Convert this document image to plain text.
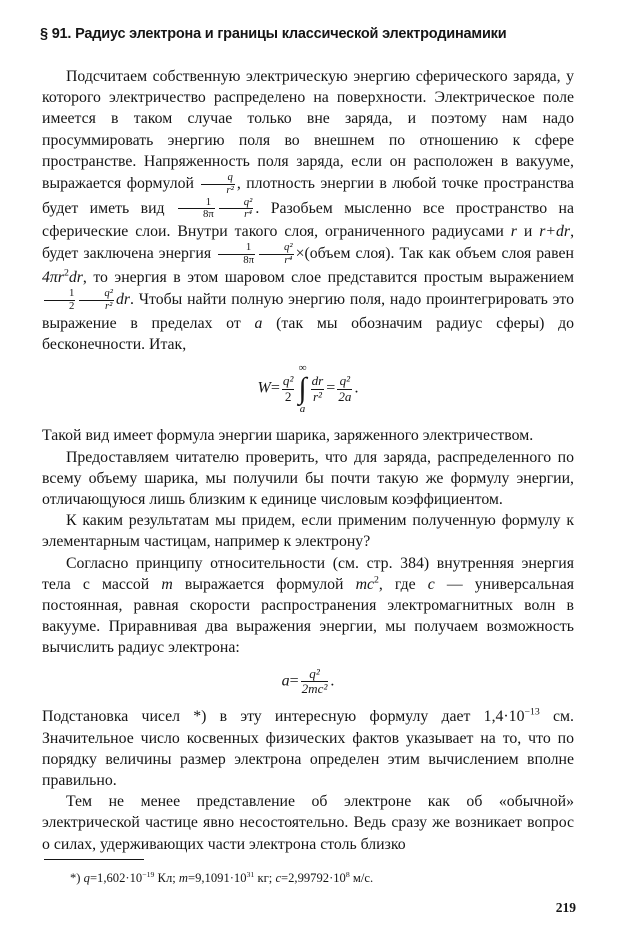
§ 91. Радиус электрона и границы классической электродинамики

Подсчитаем собственную электрическую энергию сферического заряда, у которого электричество распределено на поверхности. Электрическое поле имеется в таком случае только вне заряда, и поэтому нам надо просуммировать энергию поля во внешнем по отношению к сфере пространстве. Напряженность поля заряда, если он расположен в вакууме, выражается формулой $\frac{q}{\text{r²}}$ , плотность энергии в любой точке пространства будет иметь вид $\frac{1}{8\pi} \frac{\text{q²}}{\text{r⁴}}$ . Разобьем мысленно все пространство на сферические слои. Внутри такого слоя, ограниченного радиусами r и r+dr, будет заключена энергия $\frac{1}{8\pi} \frac{\text{q²}}{\text{r⁴}}$ ×(объем слоя). Так как объем слоя равен $4\pi r^2dr$, то энергия в этом шаровом слое представится простым выражением
$\frac{1}{2} \frac{\text{q²}}{\text{r²}}$ dr. Чтобы найти полную энергию поля, надо проинтегрировать это выражение в пределах от a (так мы обозначим радиус сферы) до бесконечности. Итак,

$W= \frac{\text{q²}}{2}$
∞
∫
a
$\frac{dr}{\text{r²}} = \frac{\text{q²}}{2a}$ .

Такой вид имеет формула энергии шарика, заряженного электричеством.

Предоставляем читателю проверить, что для заряда, распределенного по всему объему шарика, мы получили бы почти такую же формулу энергии, отличающуюся лишь близким к единице числовым коэффициентом.

К каким результатам мы придем, если применим полученную формулу к элементарным частицам, например к электрону?

Согласно принципу относительности (см. стр. 384) внутренняя энергия тела с массой m выражается формулой $mc^2$, где c — универсальная постоянная, равная скорости распространения электромагнитных волн в вакууме. Приравнивая два выражения энергии, мы получаем возможность вычислить радиус электрона:

$a= \frac{\text{q²}}{\text{2mc²}}$ .

Подстановка чисел *) в эту интересную формулу дает $1,4\cdot 10^{-13}$ см. Значительное число косвенных физических фактов указывает на то, что по порядку величины размер электрона определен этим вычислением вполне правильно.

Тем не менее представление об электроне как об «обычной» электрической частице явно несостоятельно. Ведь сразу же возникает вопрос о силах, удерживающих части электрона столь близко

*) $q=1,602\cdot 10^{-19}$ Кл; $m=9,1091\cdot 10^{31}$ кг; $c=2,99792\cdot 10^8$ м/с.
219
